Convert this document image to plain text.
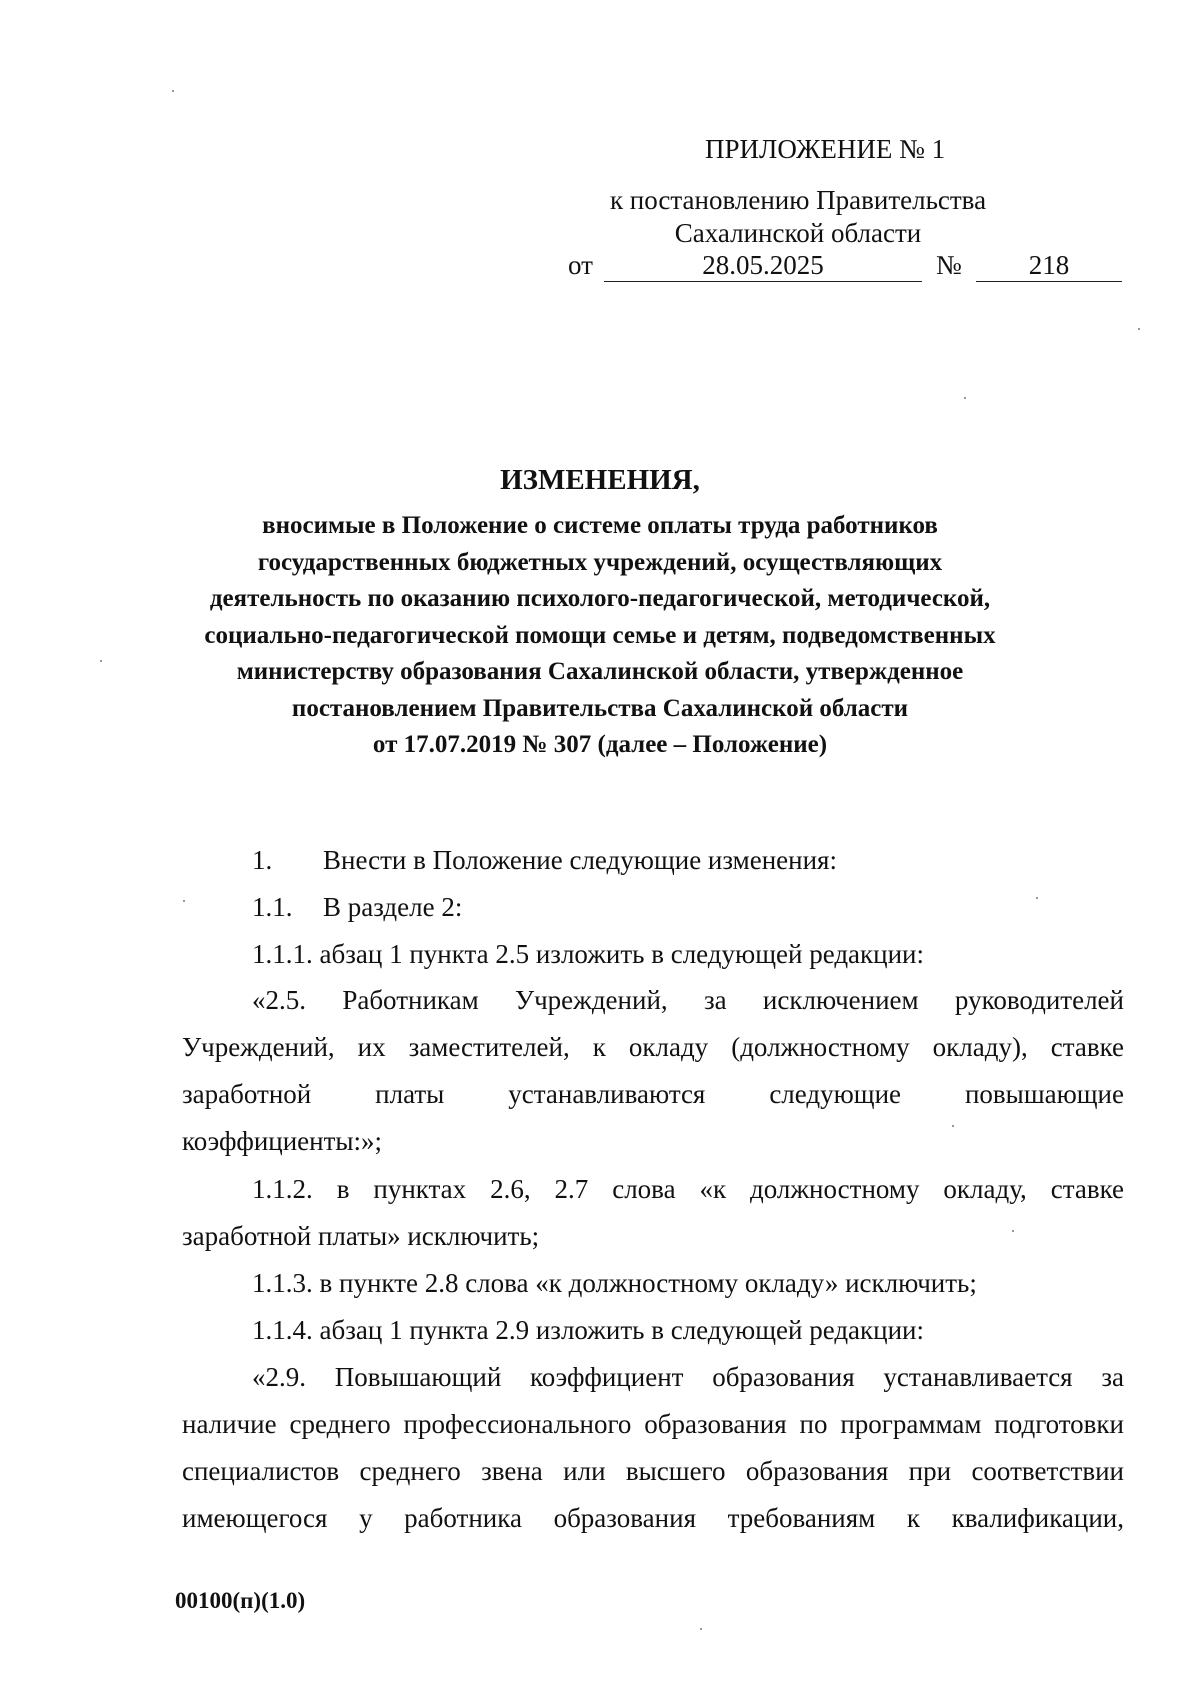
ПРИЛОЖЕНИЕ № 1
к постановлению Правительства
Сахалинской области
от	28.05.2025	№	218
ИЗМЕНЕНИЯ,
вносимые в Положение о системе оплаты труда работников
государственных бюджетных учреждений, осуществляющих
деятельность по оказанию психолого-педагогической, методической,
социально-педагогической помощи семье и детям, подведомственных
министерству образования Сахалинской области, утвержденное
постановлением Правительства Сахалинской области
от 17.07.2019 № 307 (далее – Положение)
1. Внести в Положение следующие изменения:
1.1. В разделе 2:
1.1.1. абзац 1 пункта 2.5 изложить в следующей редакции:
«2.5. Работникам Учреждений, за исключением руководителей
Учреждений, их заместителей, к окладу (должностному окладу), ставке
заработной платы устанавливаются следующие повышающие
коэффициенты:»;
1.1.2. в пунктах 2.6, 2.7 слова «к должностному окладу, ставке
заработной платы» исключить;
1.1.3. в пункте 2.8 слова «к должностному окладу» исключить;
1.1.4. абзац 1 пункта 2.9 изложить в следующей редакции:
«2.9. Повышающий коэффициент образования устанавливается за
наличие среднего профессионального образования по программам подготовки
специалистов среднего звена или высшего образования при соответствии
имеющегося у работника образования требованиям к квалификации,
00100(п)(1.0)
